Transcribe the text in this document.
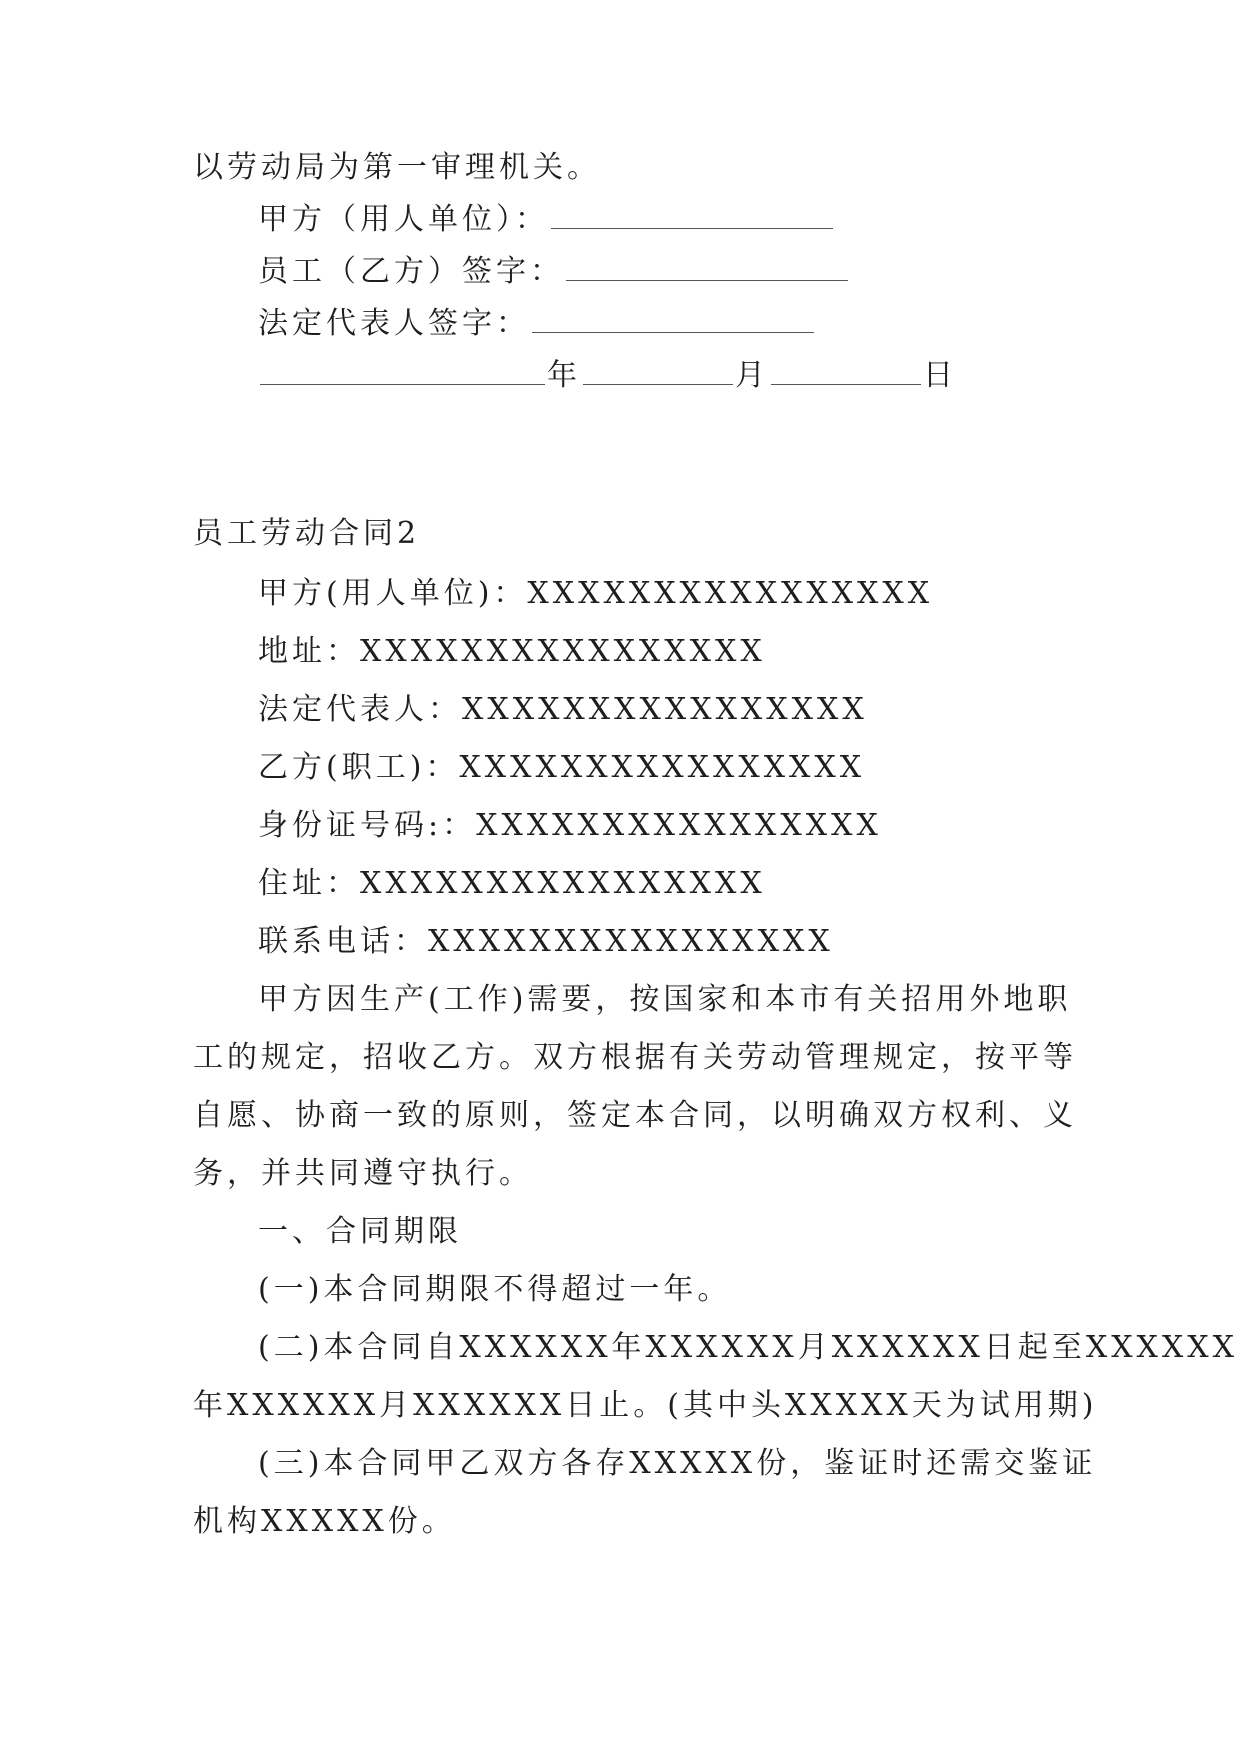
以劳动局为第一审理机关。

甲方（用人单位）：

员工（乙方）签字：

法定代表人签字：

年	月	日

员工劳动合同2

甲方(用人单位)：XXXXXXXXXXXXXXXX

地址：XXXXXXXXXXXXXXXX

法定代表人：XXXXXXXXXXXXXXXX

乙方(职工)：XXXXXXXXXXXXXXXX

身份证号码:：XXXXXXXXXXXXXXXX

住址：XXXXXXXXXXXXXXXX

联系电话：XXXXXXXXXXXXXXXX

甲方因生产(工作)需要，按国家和本市有关招用外地职

工的规定，招收乙方。双方根据有关劳动管理规定，按平等

自愿、协商一致的原则，签定本合同，以明确双方权利、义

务，并共同遵守执行。

一、合同期限

(一)本合同期限不得超过一年。

(二)本合同自XXXXXX年XXXXXX月XXXXXX日起至XXXXXX

年XXXXXX月XXXXXX日止。(其中头XXXXX天为试用期)

(三)本合同甲乙双方各存XXXXX份，鉴证时还需交鉴证

机构XXXXX份。
